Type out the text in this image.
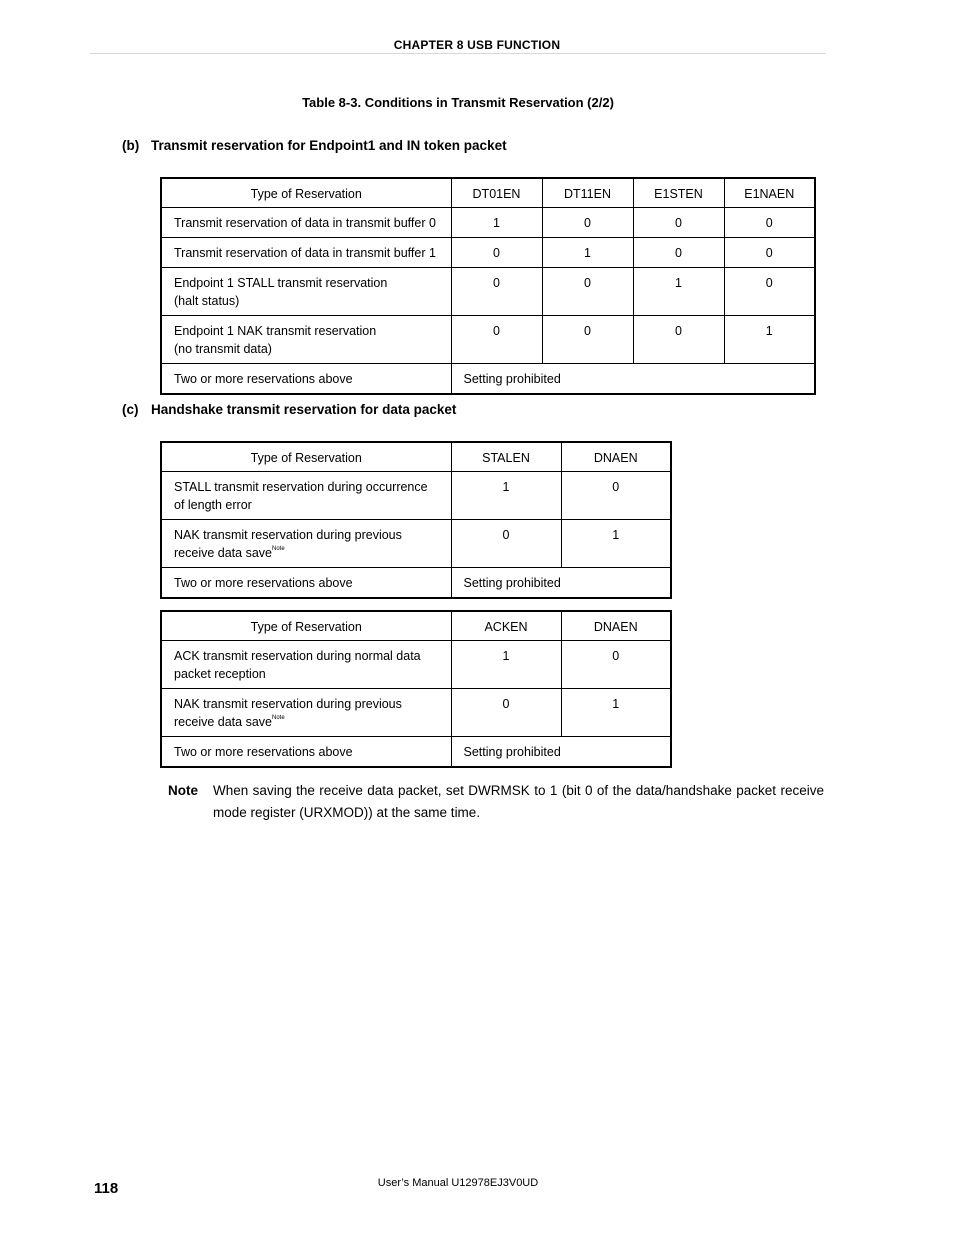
CHAPTER 8 USB FUNCTION
Table 8-3. Conditions in Transmit Reservation (2/2)
(b) Transmit reservation for Endpoint1 and IN token packet
Type of Reservation	DT01EN	DT11EN	E1STEN	E1NAEN
Transmit reservation of data in transmit buffer 0	1	0	0	0
Transmit reservation of data in transmit buffer 1	0	1	0	0
Endpoint 1 STALL transmit reservation
(halt status)	0	0	1	0
Endpoint 1 NAK transmit reservation
(no transmit data)	0	0	0	1
Two or more reservations above	Setting prohibited			
(c) Handshake transmit reservation for data packet
Type of Reservation	STALEN	DNAEN
STALL transmit reservation during occurrence
of length error	1	0
NAK transmit reservation during previous
receive data save$^{Note}$	0	1
Two or more reservations above	Setting prohibited	
Type of Reservation	ACKEN	DNAEN
ACK transmit reservation during normal data
packet reception	1	0
NAK transmit reservation during previous
receive data save$^{Note}$	0	1
Two or more reservations above	Setting prohibited	
Note When saving the receive data packet, set DWRMSK to 1 (bit 0 of the data/handshake packet receive mode register (URXMOD)) at the same time.
118	User’s Manual U12978EJ3V0UD
